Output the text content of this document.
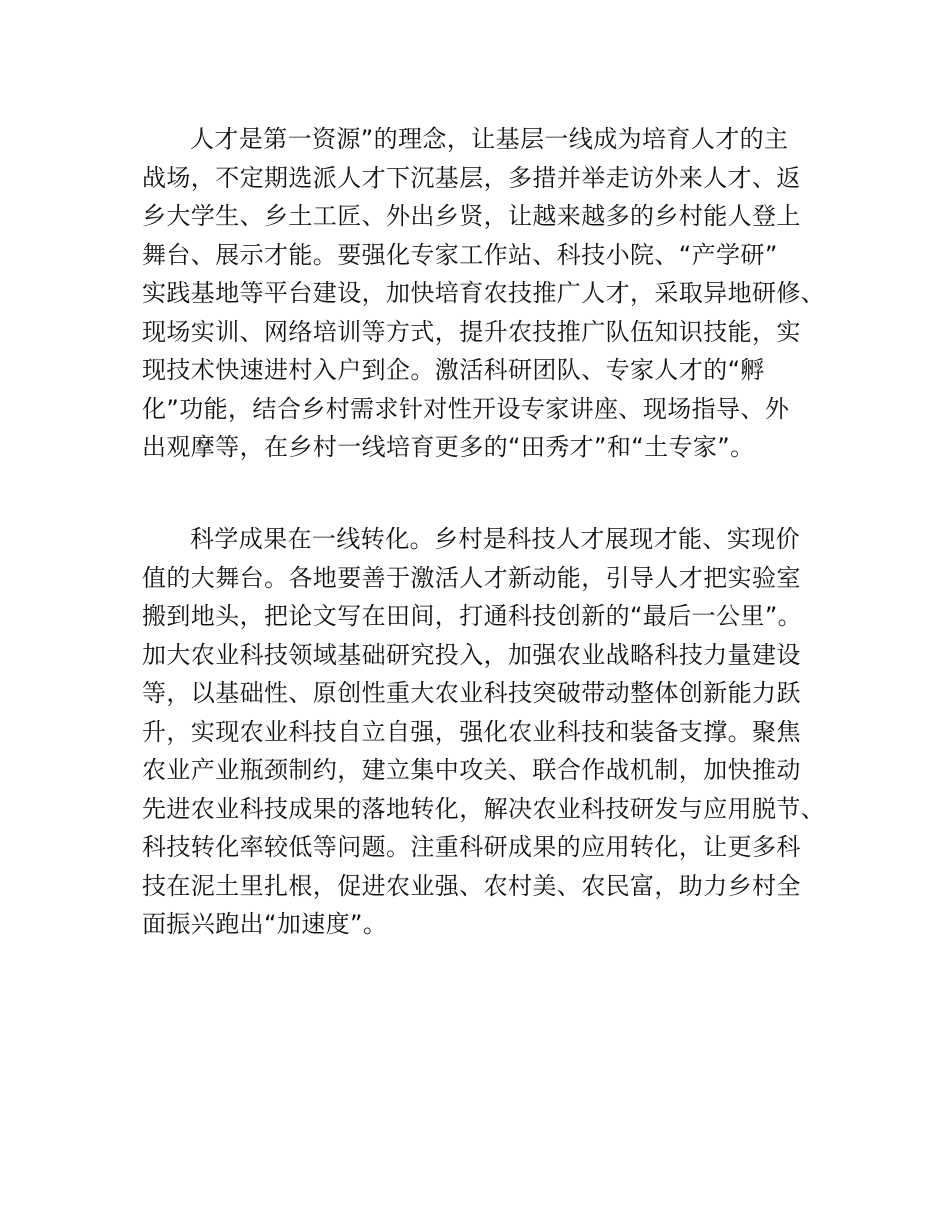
人才是第一资源”的理念，让基层一线成为培育人才的主
战场，不定期选派人才下沉基层，多措并举走访外来人才、返
乡大学生、乡土工匠、外出乡贤，让越来越多的乡村能人登上
舞台、展示才能。要强化专家工作站、科技小院、“产学研”
实践基地等平台建设，加快培育农技推广人才，采取异地研修、
现场实训、网络培训等方式，提升农技推广队伍知识技能，实
现技术快速进村入户到企。激活科研团队、专家人才的“孵
化”功能，结合乡村需求针对性开设专家讲座、现场指导、外
出观摩等，在乡村一线培育更多的“田秀才”和“土专家”。
科学成果在一线转化。乡村是科技人才展现才能、实现价
值的大舞台。各地要善于激活人才新动能，引导人才把实验室
搬到地头，把论文写在田间，打通科技创新的“最后一公里”。
加大农业科技领域基础研究投入，加强农业战略科技力量建设
等，以基础性、原创性重大农业科技突破带动整体创新能力跃
升，实现农业科技自立自强，强化农业科技和装备支撑。聚焦
农业产业瓶颈制约，建立集中攻关、联合作战机制，加快推动
先进农业科技成果的落地转化，解决农业科技研发与应用脱节、
科技转化率较低等问题。注重科研成果的应用转化，让更多科
技在泥土里扎根，促进农业强、农村美、农民富，助力乡村全
面振兴跑出“加速度”。
